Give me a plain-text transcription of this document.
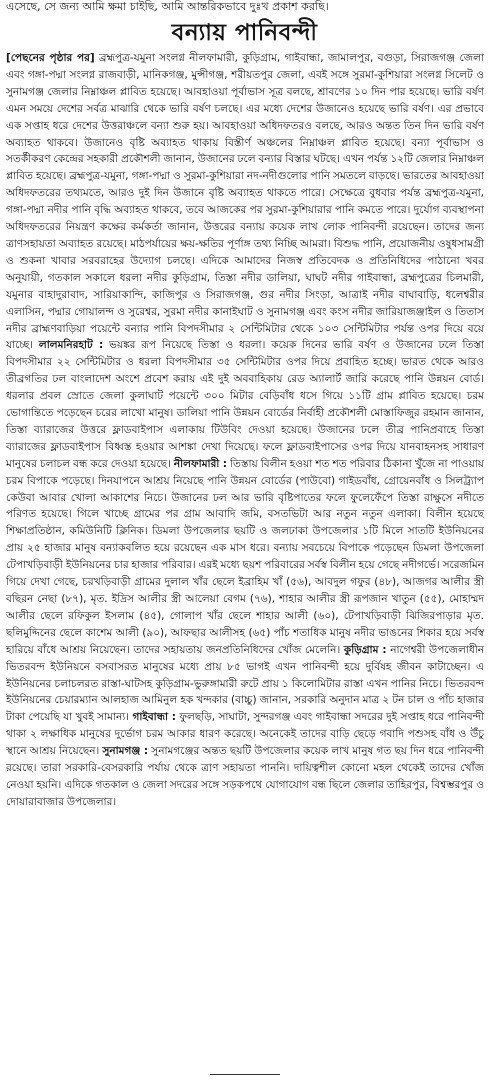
এসেছে, সে জন্য আমি ক্ষমা চাইছি, আমি আন্তরিকভাবে দুঃখ প্রকাশ করছি।

বন্যায় পানিবন্দী

[পেছনের পৃষ্ঠার পর] ব্রহ্মপুত্র-যমুনা সংলগ্ন নীলফামারী, কুড়িগ্রাম, গাইবান্ধা, জামালপুর, বগুড়া, সিরাজগঞ্জ জেলা এবং গঙ্গা-পদ্মা সংলগ্ন রাজবাড়ী, মানিকগঞ্জ, মুন্সীগঞ্জ, শরীয়তপুর জেলা, এবই সঙ্গে সুরমা-কুশিয়ারা সংলগ্ন সিলেট ও সুনামগঞ্জ জেলার নিম্নাঞ্চল প্লাবিত হয়েছে। আবহাওয়া পূর্বাভাস সূত্র বলছে, শ্রাবণের ১০ দিন পার হয়েছে। ভারি বর্ষণ এমন সময়ে দেশের সর্বত্র মাঝারি থেকে ভারি বর্ষণ চলছে। এর মধ্যে দেশের উজানেও হয়েছে ভারি বর্ষণ। এর প্রভাবে এক সপ্তাহ ধরে দেশের উত্তরাঞ্চলে বন্যা শুরু হয়। আবহাওয়া অধিদফতরও বলছে, আরও অন্তত তিন দিন ভারি বর্ষণ অব্যাহত থাকবে। উজানেও বৃষ্টি অব্যাহত থাকায় বিস্তীর্ণ অঞ্চলের নিম্নাঞ্চল প্লাবিত হয়েছে। বন্যা পূর্বাভাস ও সতর্কীকরণ কেন্দ্রের সহকারী প্রকৌশলী জানান, উজানের ঢলে বন্যার বিস্তার ঘটছে। এখন পর্যন্ত ১২টি জেলার নিম্নাঞ্চল প্লাবিত হয়েছে। ব্রহ্মপুত্র-যমুনা, গঙ্গা-পদ্মা ও সুরমা-কুশিয়ারা নদ-নদীগুলোর পানি সমতলে বাড়ছে। ভারতের আবহাওয়া অধিদফতরের তথ্যমতে, আরও দুই দিন উজানে বৃষ্টি অব্যাহত থাকতে পারে। সেক্ষেত্রে বুধবার পর্যন্ত ব্রহ্মপুত্র-যমুনা, গঙ্গা-পদ্মা নদীর পানি বৃদ্ধি অব্যাহত থাকবে, তবে আজকের পর সুরমা-কুশিয়ারার পানি কমতে পারে। দুর্যোগ ব্যবস্থাপনা অধিদফতরের নিয়ন্ত্রণ কক্ষের কর্মকর্তা জানান, উত্তরের বন্যায় কয়েক লাখ লোক পানিবন্দী রয়েছেন। তাদের জন্য ত্রাণসহায়তা অব্যাহত রয়েছে। মাঠপর্যায়ের ক্ষয়-ক্ষতির পূর্ণাঙ্গ তথ্য নিচ্ছি আমরা। বিশুদ্ধ পানি, প্রয়োজনীয় ওষুধসামগ্রী ও শুকনা খাবার সরবরাহের উদ্যোগ চলছে। এদিকে আমাদের নিজস্ব প্রতিবেদক ও প্রতিনিধিদের পাঠানো খবর অনুযায়ী, গতকাল সকালে ধরলা নদীর কুড়িগ্রাম, তিস্তা নদীর ডালিয়া, ঘাঘট নদীর গাইবান্ধা, ব্রহ্মপুত্রের চিলমারী, যমুনার বাহাদুরাবাদ, সারিয়াকান্দি, কাজিপুর ও সিরাজগঞ্জ, গুর নদীর সিংড়া, আত্রাই নদীর বাঘাবাড়ি, ধলেশ্বরীর এলাসিন, পদ্মার গোয়ালন্দ ও সুরেশ্বর, সুরমা নদীর কানাইঘাট ও সুনামগঞ্জ এবং কংস নদীর জারিয়াজঞ্জাইল ও তিতাস নদীর ব্রাহ্মণবাড়িয়া পয়েন্টে বন্যার পানি বিপদসীমার ২ সেন্টিমিটার থেকে ১০৩ সেন্টিমিটার পর্যন্ত ওপর দিয়ে বয়ে যাচ্ছে। লালমনিরহাট : ভয়ঙ্কর রূপ নিয়েছে তিস্তা ও ধরলা। কয়েক দিনের ভারি বর্ষণ ও উজানের ঢলে তিস্তা বিপদসীমার ২২ সেন্টিমিটার ও ধরলা বিপদসীমার ৩৫ সেন্টিমিটার ওপর দিয়ে প্রবাহিত হচ্ছে। ভারত থেকে আরও তীব্রগতির ঢল বাংলাদেশ অংশে প্রবেশ করায় এই দুই অববাহিকায় রেড অ্যালার্ট জারি করেছে পানি উন্নয়ন বোর্ড। ধরলার প্রবল স্রোতে জেলা কুলাঘাট পয়েন্টে ৩০০ মিটার বেড়িবাঁধ ধসে গিয়ে ১১টি গ্রাম প্লাবিত হয়েছে। চরম ভোগান্তিতে পড়েছেন চরের লাখো মানুষ। ডালিয়া পানি উন্নয়ন বোর্ডের নির্বাহী প্রকৌশলী মোস্তাফিজুর রহমান জানান, তিস্তা ব্যারাজের উত্তরে ফ্লাডবাইপাস এলাকায় টিউবিং দেওয়া হয়েছে। উজানের ঢলে তীব্র পানিপ্রবাহে তিস্তা ব্যারাজের ফ্লাডবাইপাস বিধ্বস্ত হওয়ার আশঙ্কা দেখা দিয়েছে। ফলে ফ্লাডবাইপাসের ওপর দিয়ে যানবাহনসহ সাধারণ মানুষের চলাচল বন্ধ করে দেওয়া হয়েছে। নীলফামারী : তিস্তায় বিলীন হওয়া শত শত পরিবার ঠিকানা খুঁজে না পাওয়ায় চরম বিপাকে পড়েছে। দিনযাপনে আশ্রয় নিয়েছে পানি উন্নয়ন বোর্ডের (পাউবো) গাইডবাঁধ, গ্রোয়েনবাঁধ ও সিলট্র্যাপ কেউবা আবার খোলা আকাশের নিচে। উজানের ঢল আর ভারি বৃষ্টিপাতের ফলে ফুলেফেঁপে তিস্তা রাক্ষুসে নদীতে পরিণত হয়েছে। গিলে খাচ্ছে গ্রামের পর গ্রাম আবাদি জমি, বসতভিটা আর নতুন নতুন এলাকা। বিলীন হয়েছে শিক্ষাপ্রতিষ্ঠান, কমিউনিটি ক্লিনিক। ডিমলা উপজেলার ছয়টি ও জলঢাকা উপজেলার ১টি মিলে সাতটি ইউনিয়নের প্রায় ২৫ হাজার মানুষ বন্যাকবলিত হয়ে রয়েছেন এক মাস ধরে। বন্যায় সবচেয়ে বিপাকে পড়েছেন ডিমলা উপজেলা টেপাখড়িবাড়ী ইউনিয়নের চার হাজার পরিবার। এরই মধ্যে ছয়শ পরিবারের সর্বস্ব বিলীন হয়ে গেছে নদীগর্ভে। সরেজমিন গিয়ে দেখা গেছে, চরখড়িবাড়ী গ্রামের দুলাল খাঁর ছেলে ইব্রাহিম খাঁ (৫৬), আবদুল গফুর (৪৮), আজগর আলীর স্ত্রী বছিরন নেছা (৮৭), মৃত. ইদ্রিস আলীর স্ত্রী আলেয়া বেগম (৭৬), শাহার আলীর স্ত্রী রূপজান খাতুন (৫৫), মোহাম্মদ আলীর ছেলে রফিকুল ইসলাম (৪৫), গোলাপ খাঁর ছেলে শাহার আলী (৬০), টেপাখড়িবাড়ী ঝিজিরপাড়ার মৃত. ছলিমুদ্দিনের ছেলে কাশেম আলী (৯০), আফছার আলীসহ (৬৫) পাঁচ শতাধিক মানুষ নদীর ভাঙনের শিকার হয়ে সর্বস্ব হারিয়ে বাঁধে আশ্রয় নিয়েছেন। তাদের সহায়তায় জনপ্রতিনিধিদের খোঁজ মেলেনি। কুড়িগ্রাম : নাগেশ্বরী উপজেলাধীন ভিতরবন্দ ইউনিয়নে বসবাসরত মানুষের মধ্যে প্রায় ৮৫ ভাগই এখন পানিবন্দী হয়ে দুর্বিষহ জীবন কাটাচ্ছেন। এ ইউনিয়নের চলাচলরত রাস্তা-ঘাটসহ কুড়িগ্রাম-ভুরুঙ্গামারী রুটে প্রায় ১ কিলোমিটার রাস্তা এখন পানির নিচে। ভিতরবন্দ ইউনিয়নের চেয়ারম্যান আলহাজ আমিনুল হক খন্দকার (বাচ্চু) জানান, সরকারি অনুদান মাত্র ২ টন চাল ও পাঁচ হাজার টাকা পেয়েছি যা খুবই সামান্য। গাইবান্ধা : ফুলছড়ি, সাঘাটা, সুন্দরগঞ্জ এবং গাইবান্ধা সদরের দুই সপ্তাহ ধরে পানিবন্দী থাকা ২ লক্ষাধিক মানুষের দুর্ভোগ চরম আকার ধারণ করেছে। অনেকেই তাদের বাড়ি ছেড়ে গবাদি পশুসহ বাঁধ ও উঁচু স্থানে আশ্রয় নিয়েছেন। সুনামগঞ্জ : সুনামগঞ্জের অন্তত ছয়টি উপজেলার কয়েক লাখ মানুষ গত ছয় দিন ধরে পানিবন্দী রয়েছে। তারা সরকারি-বেসরকারি পর্যায় থেকে ত্রাণ সহায়তা পাননি। দায়িত্বশীল কোনো মহল থেকেই তাদের খোঁজ নেওয়া হয়নি। এদিকে গতকাল ও জেলা সদরের সঙ্গে সড়কপথে যোগাযোগ বন্ধ ছিলে জেলার তাহিরপুর, বিশ্বম্ভরপুর ও দোয়ারাবাজার উপজেলার।
